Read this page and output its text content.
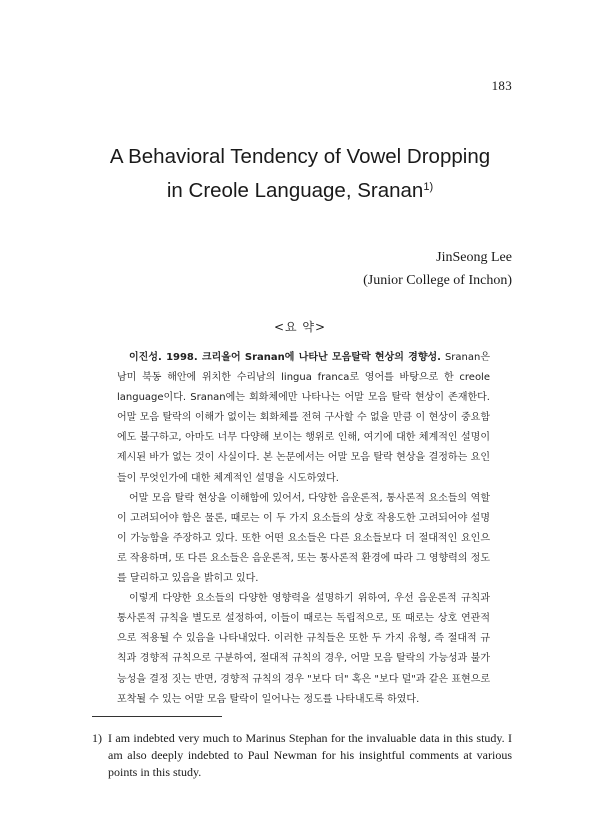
183
A Behavioral Tendency of Vowel Dropping
in Creole Language, Sranan$^{1)}$
JinSeong Lee
(Junior College of Inchon)
<요 약>

이진성. 1998. 크리올어 Sranan에 나타난 모음탈락 현상의 경향성. Sranan은 남미 북동 해안에 위치한 수리남의 lingua franca로 영어를 바탕으로 한 creole language이다. Sranan에는 회화체에만 나타나는 어말 모음 탈락 현상이 존재한다. 어말 모음 탈락의 이해가 없이는 회화체를 전혀 구사할 수 없을 만큼 이 현상이 중요함에도 불구하고, 아마도 너무 다양해 보이는 행위로 인해, 여기에 대한 체계적인 설명이 제시된 바가 없는 것이 사실이다. 본 논문에서는 어말 모음 탈락 현상을 결정하는 요인들이 무엇인가에 대한 체계적인 설명을 시도하였다.

어말 모음 탈락 현상을 이해함에 있어서, 다양한 음운론적, 통사론적 요소들의 역할이 고려되어야 함은 물론, 때로는 이 두 가지 요소들의 상호 작용도한 고려되어야 설명이 가능함을 주장하고 있다. 또한 어떤 요소들은 다른 요소들보다 더 절대적인 요인으로 작용하며, 또 다른 요소들은 음운론적, 또는 통사론적 환경에 따라 그 영향력의 정도를 달리하고 있음을 밝히고 있다.

이렇게 다양한 요소들의 다양한 영향력을 설명하기 위하여, 우선 음운론적 규칙과 통사론적 규칙을 별도로 설정하여, 이들이 때로는 독립적으로, 또 때로는 상호 연관적으로 적용될 수 있음을 나타내었다. 이러한 규칙들은 또한 두 가지 유형, 즉 절대적 규칙과 경향적 규칙으로 구분하여, 절대적 규칙의 경우, 어말 모음 탈락의 가능성과 불가능성을 결정 짓는 반면, 경향적 규칙의 경우 "보다 더" 혹은 "보다 덜"과 같은 표현으로 포착될 수 있는 어말 모음 탈락이 일어나는 정도를 나타내도록 하였다.

1) I am indebted very much to Marinus Stephan for the invaluable data in this study. I am also deeply indebted to Paul Newman for his insightful comments at various points in this study.
